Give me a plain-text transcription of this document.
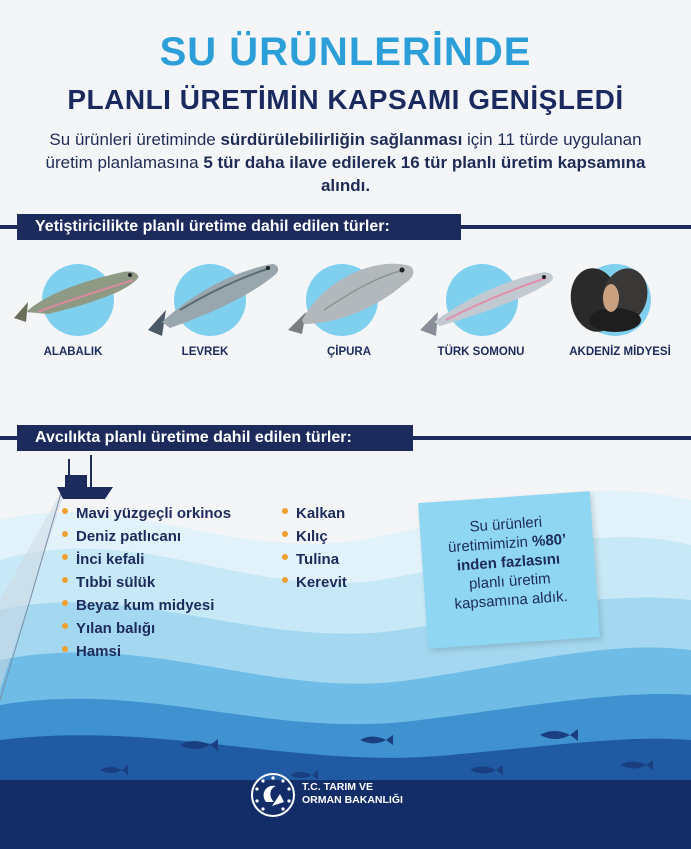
SU ÜRÜNLERİNDE
PLANLI ÜRETİMİN KAPSAMI GENİŞLEDİ
Su ürünleri üretiminde sürdürülebilirliğin sağlanması için 11 türde uygulanan üretim planlamasına 5 tür daha ilave edilerek 16 tür planlı üretim kapsamına alındı.
Yetiştiricilikte planlı üretime dahil edilen türler:
ALABALIK	LEVREK	ÇİPURA	TÜRK SOMONU	AKDENİZ MİDYESİ
Avcılıkta planlı üretime dahil edilen türler:
Mavi yüzgeçli orkinos
Deniz patlıcanı
İnci kefali
Tıbbi sülük
Beyaz kum midyesi
Yılan balığı
Hamsi
Kalkan
Kılıç
Tulina
Kerevit
Su ürünleri
üretimimizin %80’
inden fazlasını
planlı üretim
kapsamına aldık.
T.C. TARIM VE
ORMAN BAKANLIĞI
